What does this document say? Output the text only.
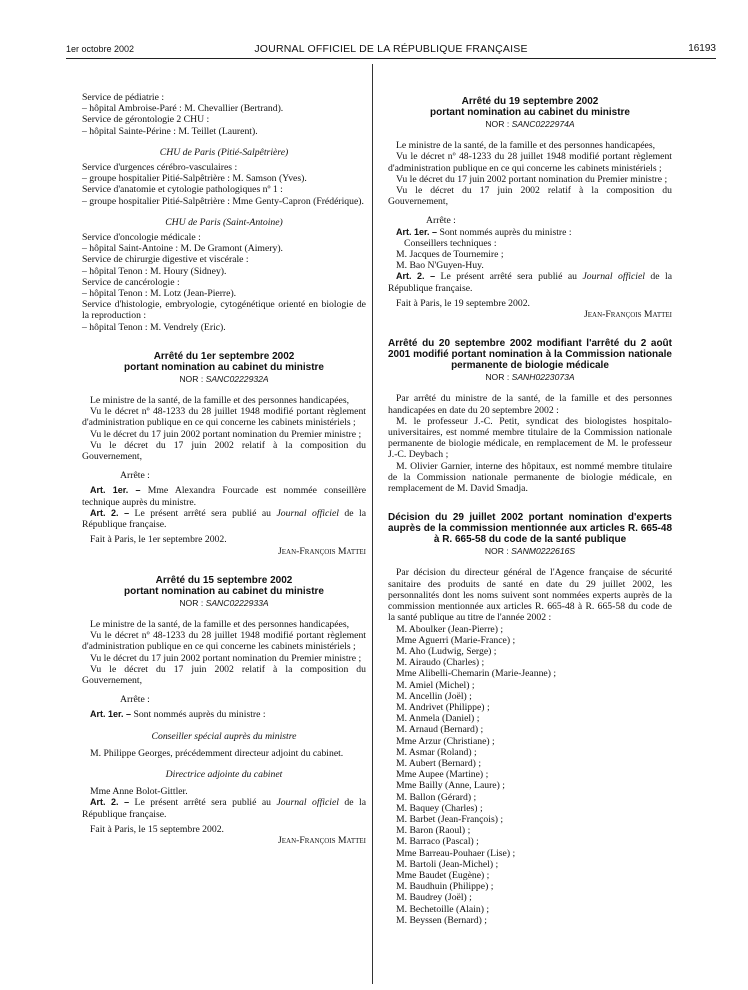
1er octobre 2002	JOURNAL OFFICIEL DE LA RÉPUBLIQUE FRANÇAISE	16193

Service de pédiatrie :

– hôpital Ambroise-Paré : M. Chevallier (Bertrand).

Service de gérontologie 2 CHU :

– hôpital Sainte-Périne : M. Teillet (Laurent).

CHU de Paris (Pitié-Salpêtrière)

Service d'urgences cérébro-vasculaires :

– groupe hospitalier Pitié-Salpêtrière : M. Samson (Yves).

Service d'anatomie et cytologie pathologiques nº 1 :

– groupe hospitalier Pitié-Salpêtrière : Mme Genty-Capron (Frédérique).

CHU de Paris (Saint-Antoine)

Service d'oncologie médicale :

– hôpital Saint-Antoine : M. De Gramont (Aimery).

Service de chirurgie digestive et viscérale :

– hôpital Tenon : M. Houry (Sidney).

Service de cancérologie :

– hôpital Tenon : M. Lotz (Jean-Pierre).

Service d'histologie, embryologie, cytogénétique orienté en biologie de la reproduction :

– hôpital Tenon : M. Vendrely (Eric).

Arrêté du 1er septembre 2002

portant nomination au cabinet du ministre

NOR : SANC0222932A

Le ministre de la santé, de la famille et des personnes handicapées,

Vu le décret nº 48-1233 du 28 juillet 1948 modifié portant règlement d'administration publique en ce qui concerne les cabinets ministériels ;

Vu le décret du 17 juin 2002 portant nomination du Premier ministre ;

Vu le décret du 17 juin 2002 relatif à la composition du Gouvernement,

Arrête :

Art. 1er. – Mme Alexandra Fourcade est nommée conseillère technique auprès du ministre.

Art. 2. – Le présent arrêté sera publié au Journal officiel de la République française.

Fait à Paris, le 1er septembre 2002.

Jean-François Mattei

Arrêté du 15 septembre 2002

portant nomination au cabinet du ministre

NOR : SANC0222933A

Le ministre de la santé, de la famille et des personnes handicapées,

Vu le décret nº 48-1233 du 28 juillet 1948 modifié portant règlement d'administration publique en ce qui concerne les cabinets ministériels ;

Vu le décret du 17 juin 2002 portant nomination du Premier ministre ;

Vu le décret du 17 juin 2002 relatif à la composition du Gouvernement,

Arrête :

Art. 1er. – Sont nommés auprès du ministre :

Conseiller spécial auprès du ministre

M. Philippe Georges, précédemment directeur adjoint du cabinet.

Directrice adjointe du cabinet

Mme Anne Bolot-Gittler.

Art. 2. – Le présent arrêté sera publié au Journal officiel de la République française.

Fait à Paris, le 15 septembre 2002.

Jean-François Mattei

Arrêté du 19 septembre 2002

portant nomination au cabinet du ministre

NOR : SANC0222974A

Le ministre de la santé, de la famille et des personnes handicapées,

Vu le décret nº 48-1233 du 28 juillet 1948 modifié portant règlement d'administration publique en ce qui concerne les cabinets ministériels ;

Vu le décret du 17 juin 2002 portant nomination du Premier ministre ;

Vu le décret du 17 juin 2002 relatif à la composition du Gouvernement,

Arrête :

Art. 1er. – Sont nommés auprès du ministre :

Conseillers techniques :

M. Jacques de Tournemire ;

M. Bao N'Guyen-Huy.

Art. 2. – Le présent arrêté sera publié au Journal officiel de la République française.

Fait à Paris, le 19 septembre 2002.

Jean-François Mattei

Arrêté du 20 septembre 2002 modifiant l'arrêté du 2 août 2001 modifié portant nomination à la Commission nationale permanente de biologie médicale

NOR : SANH0223073A

Par arrêté du ministre de la santé, de la famille et des personnes handicapées en date du 20 septembre 2002 :

M. le professeur J.-C. Petit, syndicat des biologistes hospitalo-universitaires, est nommé membre titulaire de la Commission nationale permanente de biologie médicale, en remplacement de M. le professeur J.-C. Deybach ;

M. Olivier Garnier, interne des hôpitaux, est nommé membre titulaire de la Commission nationale permanente de biologie médicale, en remplacement de M. David Smadja.

Décision du 29 juillet 2002 portant nomination d'experts auprès de la commission mentionnée aux articles R. 665-48 à R. 665-58 du code de la santé publique

NOR : SANM0222616S

Par décision du directeur général de l'Agence française de sécurité sanitaire des produits de santé en date du 29 juillet 2002, les personnalités dont les noms suivent sont nommées experts auprès de la commission mentionnée aux articles R. 665-48 à R. 665-58 du code de la santé publique au titre de l'année 2002 :

M. Aboulker (Jean-Pierre) ;

Mme Aguerri (Marie-France) ;

M. Aho (Ludwig, Serge) ;

M. Airaudo (Charles) ;

Mme Alibelli-Chemarin (Marie-Jeanne) ;

M. Amiel (Michel) ;

M. Ancellin (Joël) ;

M. Andrivet (Philippe) ;

M. Anmela (Daniel) ;

M. Arnaud (Bernard) ;

Mme Arzur (Christiane) ;

M. Asmar (Roland) ;

M. Aubert (Bernard) ;

Mme Aupee (Martine) ;

Mme Bailly (Anne, Laure) ;

M. Ballon (Gérard) ;

M. Baquey (Charles) ;

M. Barbet (Jean-François) ;

M. Baron (Raoul) ;

M. Barraco (Pascal) ;

Mme Barreau-Pouhaer (Lise) ;

M. Bartoli (Jean-Michel) ;

Mme Baudet (Eugène) ;

M. Baudhuin (Philippe) ;

M. Baudrey (Joël) ;

M. Bechetoille (Alain) ;

M. Beyssen (Bernard) ;
